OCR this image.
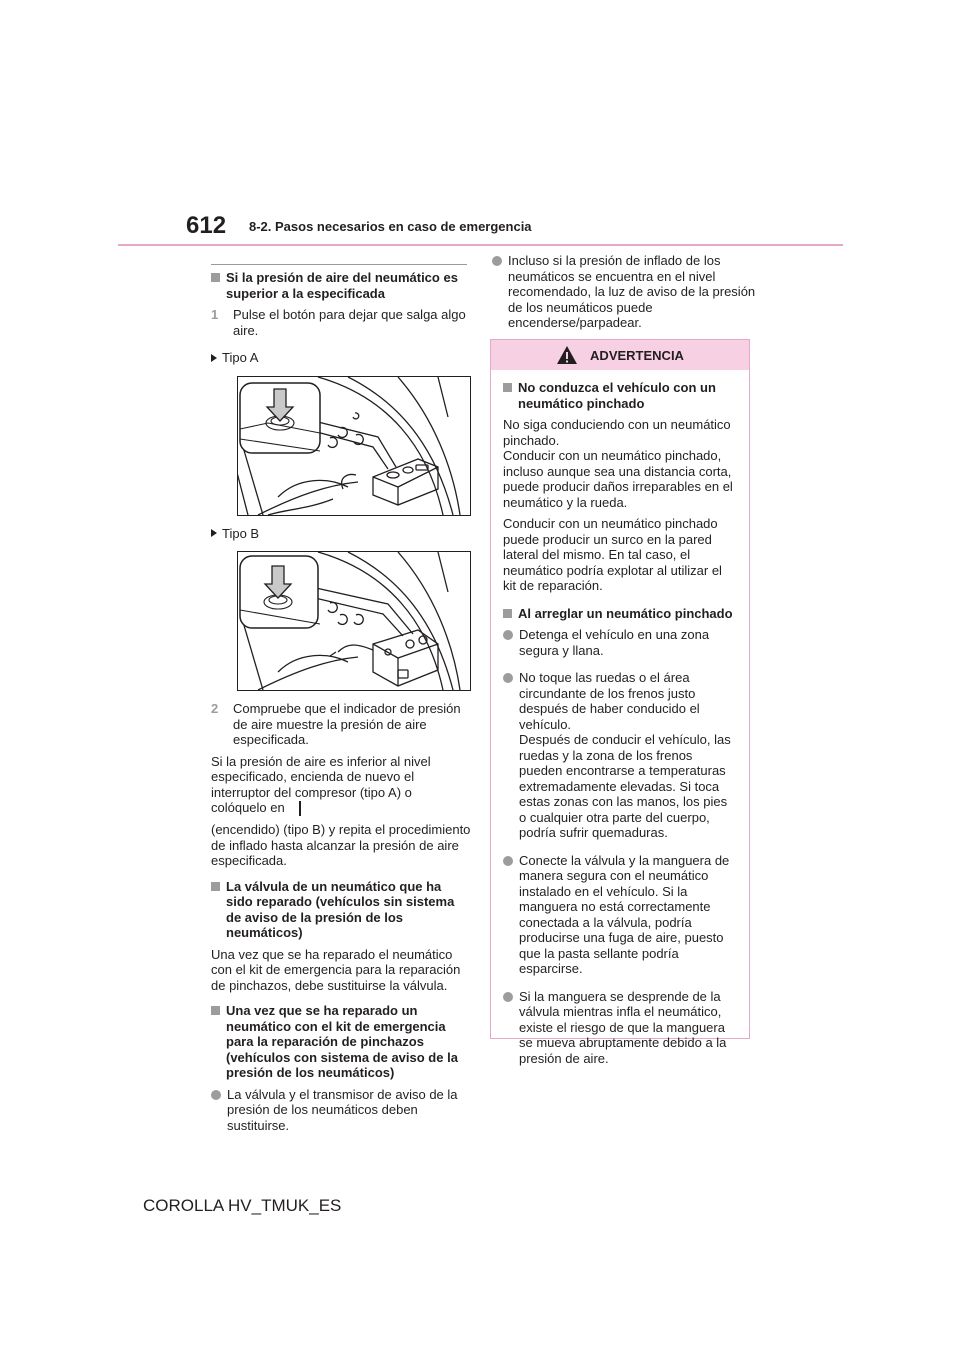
612 8-2. Pasos necesarios en caso de emergencia
Si la presión de aire del neumático es superior a la especificada
1	Pulse el botón para dejar que salga algo aire.
Tipo A
Tipo B
2	Compruebe que el indicador de presión de aire muestre la presión de aire especificada.

Si la presión de aire es inferior al nivel especificado, encienda de nuevo el interruptor del compresor (tipo A) o colóquelo en

(encendido) (tipo B) y repita el procedimiento de inflado hasta alcanzar la presión de aire especificada.

La válvula de un neumático que ha sido reparado (vehículos sin sistema de aviso de la presión de los neumáticos)

Una vez que se ha reparado el neumático con el kit de emergencia para la reparación de pinchazos, debe sustituirse la válvula.

Una vez que se ha reparado un neumático con el kit de emergencia para la reparación de pinchazos (vehículos con sistema de aviso de la presión de los neumáticos)
La válvula y el transmisor de aviso de la presión de los neumáticos deben sustituirse.
Incluso si la presión de inflado de los neumáticos se encuentra en el nivel recomendado, la luz de aviso de la presión de los neumáticos puede encenderse/parpadear.
ADVERTENCIA
No conduzca el vehículo con un neumático pinchado

No siga conduciendo con un neumático pinchado.

Conducir con un neumático pinchado, incluso aunque sea una distancia corta, puede producir daños irreparables en el neumático y la rueda.

Conducir con un neumático pinchado puede producir un surco en la pared lateral del mismo. En tal caso, el neumático podría explotar al utilizar el kit de reparación.

Al arreglar un neumático pinchado
Detenga el vehículo en una zona segura y llana.
No toque las ruedas o el área circundante de los frenos justo después de haber conducido el vehículo.
Después de conducir el vehículo, las ruedas y la zona de los frenos pueden encontrarse a temperaturas extremadamente elevadas. Si toca estas zonas con las manos, los pies o cualquier otra parte del cuerpo, podría sufrir quemaduras.
Conecte la válvula y la manguera de manera segura con el neumático instalado en el vehículo. Si la manguera no está correctamente conectada a la válvula, podría producirse una fuga de aire, puesto que la pasta sellante podría esparcirse.
Si la manguera se desprende de la válvula mientras infla el neumático, existe el riesgo de que la manguera se mueva abruptamente debido a la presión de aire.
COROLLA HV_TMUK_ES
